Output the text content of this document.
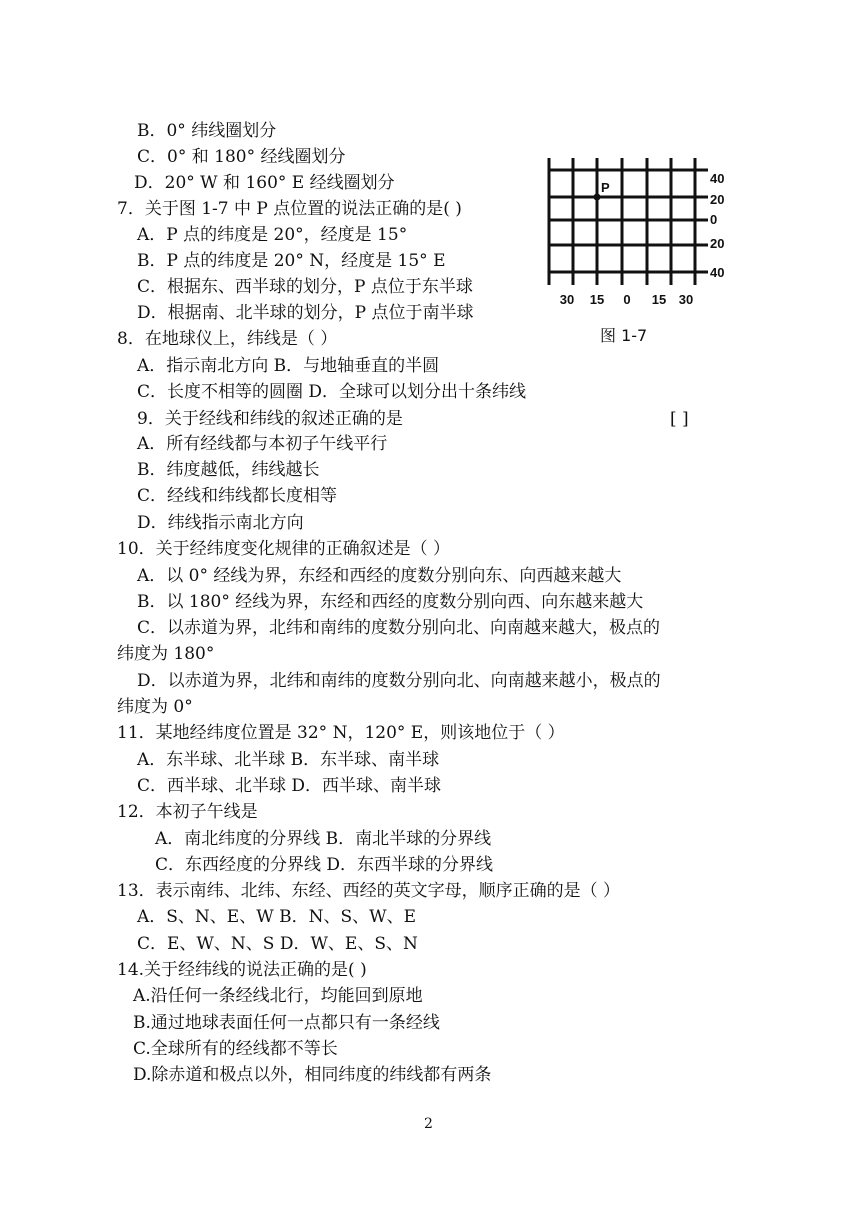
B．0° 纬线圈划分
C．0° 和 180° 经线圈划分
D．20° W 和 160° E 经线圈划分
7．关于图 1-7 中 P 点位置的说法正确的是( )
A．P 点的纬度是 20°，经度是 15°
B．P 点的纬度是 20° N，经度是 15° E
C．根据东、西半球的划分，P 点位于东半球
D．根据南、北半球的划分，P 点位于南半球
8．在地球仪上，纬线是（ ）
A．指示南北方向 B．与地轴垂直的半圆
C．长度不相等的圆圈 D．全球可以划分出十条纬线
9．关于经线和纬线的叙述正确的是
A．所有经线都与本初子午线平行
B．纬度越低，纬线越长
C．经线和纬线都长度相等
D．纬线指示南北方向
10．关于经纬度变化规律的正确叙述是（ ）
A．以 0° 经线为界，东经和西经的度数分别向东、向西越来越大
B．以 180° 经线为界，东经和西经的度数分别向西、向东越来越大
C．以赤道为界，北纬和南纬的度数分别向北、向南越来越大，极点的
纬度为 180°
D．以赤道为界，北纬和南纬的度数分别向北、向南越来越小，极点的
纬度为 0°
11．某地经纬度位置是 32° N，120° E，则该地位于（ ）
A．东半球、北半球 B．东半球、南半球
C．西半球、北半球 D．西半球、南半球
12．本初子午线是
A．南北纬度的分界线 B．南北半球的分界线
C．东西经度的分界线 D．东西半球的分界线
13．表示南纬、北纬、东经、西经的英文字母，顺序正确的是（ ）
A．S、N、E、W B．N、S、W、E
C．E、W、N、S D．W、E、S、N
14.关于经纬线的说法正确的是( )
A.沿任何一条经线北行，均能回到原地
B.通过地球表面任何一点都只有一条经线
C.全球所有的经线都不等长
D.除赤道和极点以外，相同纬度的纬线都有两条
[ ]
P
40
20
0
20
40
30 15 0 15 30
图 1-7
2
